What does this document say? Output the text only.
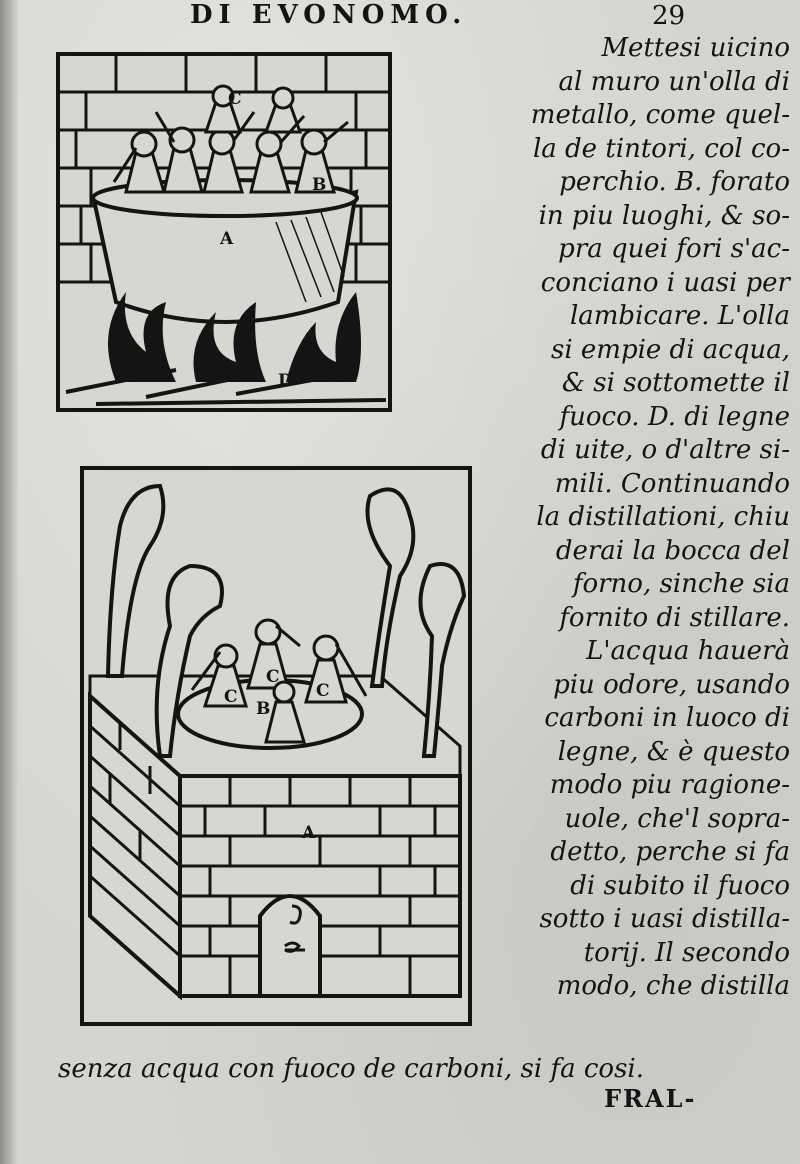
DI EVONOMO.	29
A
B
C
D
A
B
C
C
C
Mettesi uicino
al muro un'olla di
metallo, come quel-
la de tintori, col co-
perchio. B. forato
in piu luoghi, & so-
pra quei fori s'ac-
conciano i uasi per
lambicare. L'olla
si empie di acqua,
& si sottomette il
fuoco. D. di legne
di uite, o d'altre si-
mili. Continuando
la distillationi, chiu
derai la bocca del
forno, sinche sia
fornito di stillare.
L'acqua hauerà
piu odore, usando
carboni in luoco di
legne, & è questo
modo piu ragione-
uole, che'l sopra-
detto, perche si fa
di subito il fuoco
sotto i uasi distilla-
torij. Il secondo
modo, che distilla
senza acqua con fuoco de carboni, si fa cosi.
FRAL-
